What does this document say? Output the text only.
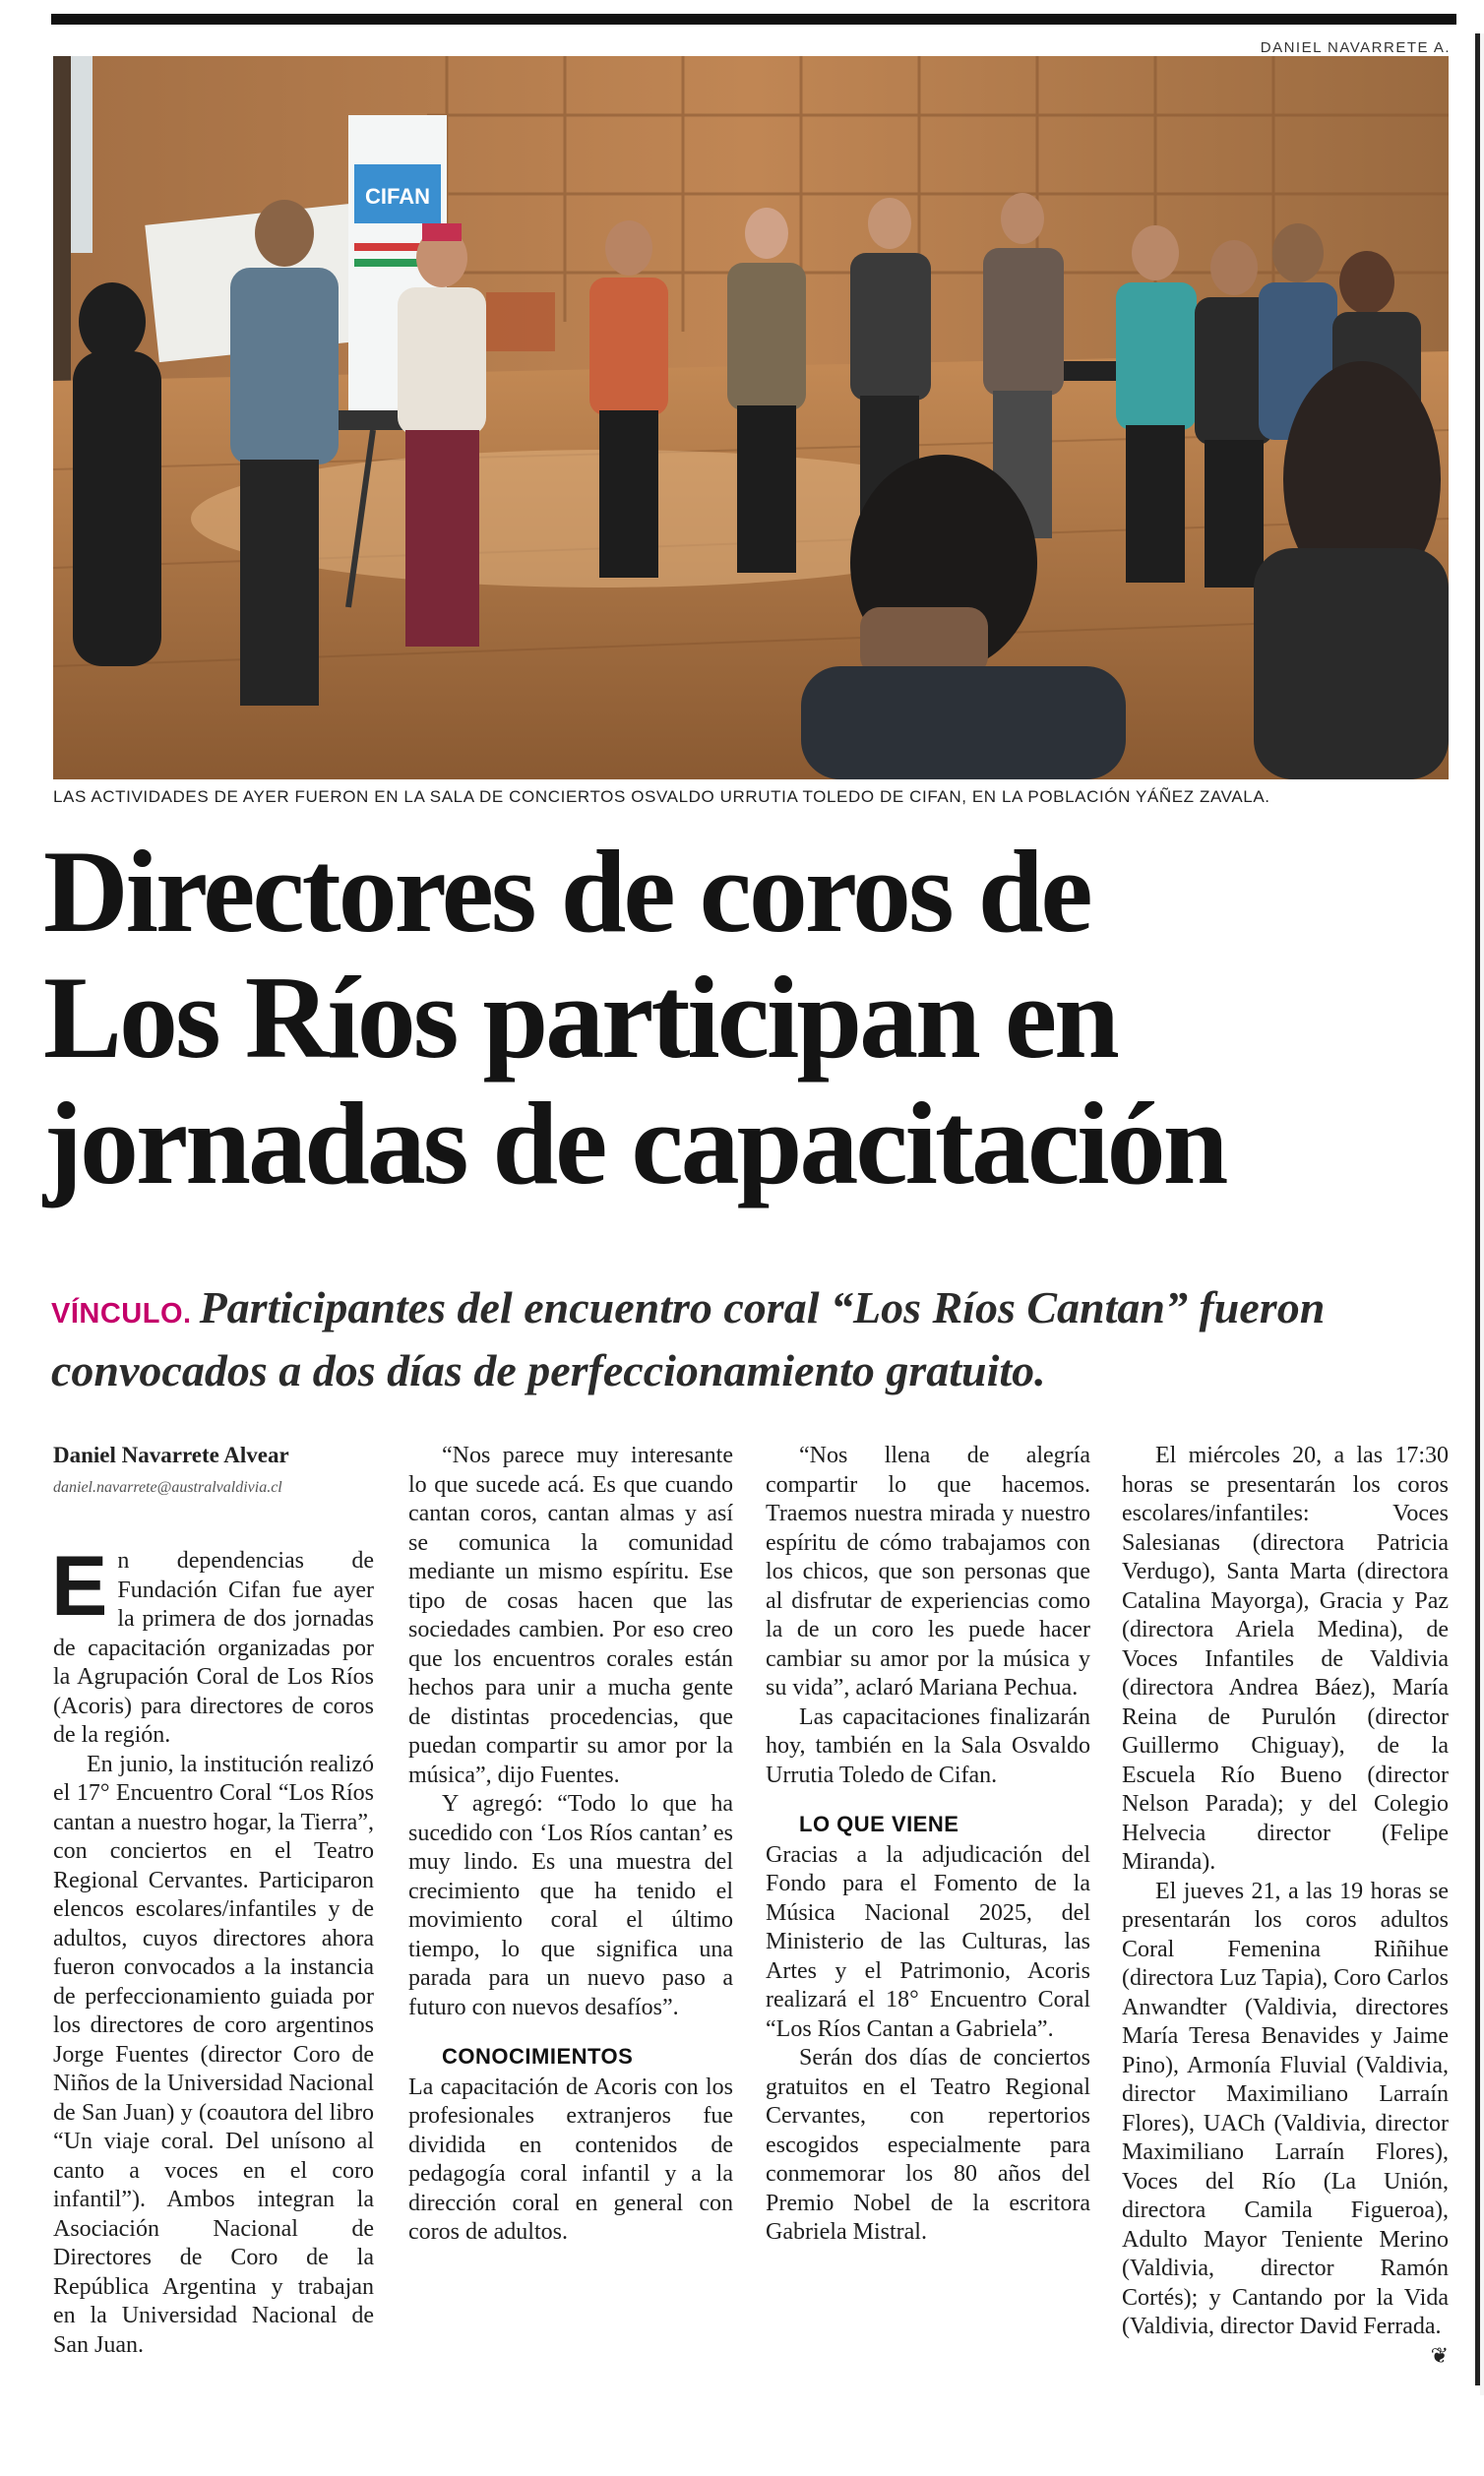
DANIEL NAVARRETE A.
CIFAN
LAS ACTIVIDADES DE AYER FUERON EN LA SALA DE CONCIERTOS OSVALDO URRUTIA TOLEDO DE CIFAN, EN LA POBLACIÓN YÁÑEZ ZAVALA.
Directores de coros de
Los Ríos participan en
jornadas de capacitación
VÍNCULO. Participantes del encuentro coral “Los Ríos Cantan” fueron convocados a dos días de perfeccionamiento gratuito.
Daniel Navarrete Alvear
daniel.navarrete@australvaldivia.cl

En dependencias de Fundación Cifan fue ayer la primera de dos jornadas de capacitación organizadas por la Agrupación Coral de Los Ríos (Acoris) para directores de coros de la región.

En junio, la institución realizó el 17° Encuentro Coral “Los Ríos cantan a nuestro hogar, la Tierra”, con conciertos en el Teatro Regional Cervantes. Participaron elencos escolares/infantiles y de adultos, cuyos directores ahora fueron convocados a la instancia de perfeccionamiento guiada por los directores de coro argentinos Jorge Fuentes (director Coro de Niños de la Universidad Nacional de San Juan) y (coautora del libro “Un viaje coral. Del unísono al canto a voces en el coro infantil”). Ambos integran la Asociación Nacional de Directores de Coro de la República Argentina y trabajan en la Universidad Nacional de San Juan.

“Nos parece muy interesante lo que sucede acá. Es que cuando cantan coros, cantan almas y así se comunica la comunidad mediante un mismo espíritu. Ese tipo de cosas hacen que las sociedades cambien. Por eso creo que los encuentros corales están hechos para unir a mucha gente de distintas procedencias, que puedan compartir su amor por la música”, dijo Fuentes.

Y agregó: “Todo lo que ha sucedido con ‘Los Ríos cantan’ es muy lindo. Es una muestra del crecimiento que ha tenido el movimiento coral el último tiempo, lo que significa una parada para un nuevo paso a futuro con nuevos desafíos”.

CONOCIMIENTOS

La capacitación de Acoris con los profesionales extranjeros fue dividida en contenidos de pedagogía coral infantil y a la dirección coral en general con coros de adultos.

“Nos llena de alegría compartir lo que hacemos. Traemos nuestra mirada y nuestro espíritu de cómo trabajamos con los chicos, que son personas que al disfrutar de experiencias como la de un coro les puede hacer cambiar su amor por la música y su vida”, aclaró Mariana Pechua.

Las capacitaciones finalizarán hoy, también en la Sala Osvaldo Urrutia Toledo de Cifan.

LO QUE VIENE

Gracias a la adjudicación del Fondo para el Fomento de la Música Nacional 2025, del Ministerio de las Culturas, las Artes y el Patrimonio, Acoris realizará el 18° Encuentro Coral “Los Ríos Cantan a Gabriela”.

Serán dos días de conciertos gratuitos en el Teatro Regional Cervantes, con repertorios escogidos especialmente para conmemorar los 80 años del Premio Nobel de la escritora Gabriela Mistral.

El miércoles 20, a las 17:30 horas se presentarán los coros escolares/infantiles: Voces Salesianas (directora Patricia Verdugo), Santa Marta (directora Catalina Mayorga), Gracia y Paz (directora Ariela Medina), de Voces Infantiles de Valdivia (directora Andrea Báez), María Reina de Purulón (director Guillermo Chiguay), de la Escuela Río Bueno (director Nelson Parada); y del Colegio Helvecia director (Felipe Miranda).

El jueves 21, a las 19 horas se presentarán los coros adultos Coral Femenina Riñihue (directora Luz Tapia), Coro Carlos Anwandter (Valdivia, directores María Teresa Benavides y Jaime Pino), Armonía Fluvial (Valdivia, director Maximiliano Larraín Flores), UACh (Valdivia, director Maximiliano Larraín Flores), Voces del Río (La Unión, directora Camila Figueroa), Adulto Mayor Teniente Merino (Valdivia, director Ramón Cortés); y Cantando por la Vida (Valdivia, director David Ferrada.
❦
